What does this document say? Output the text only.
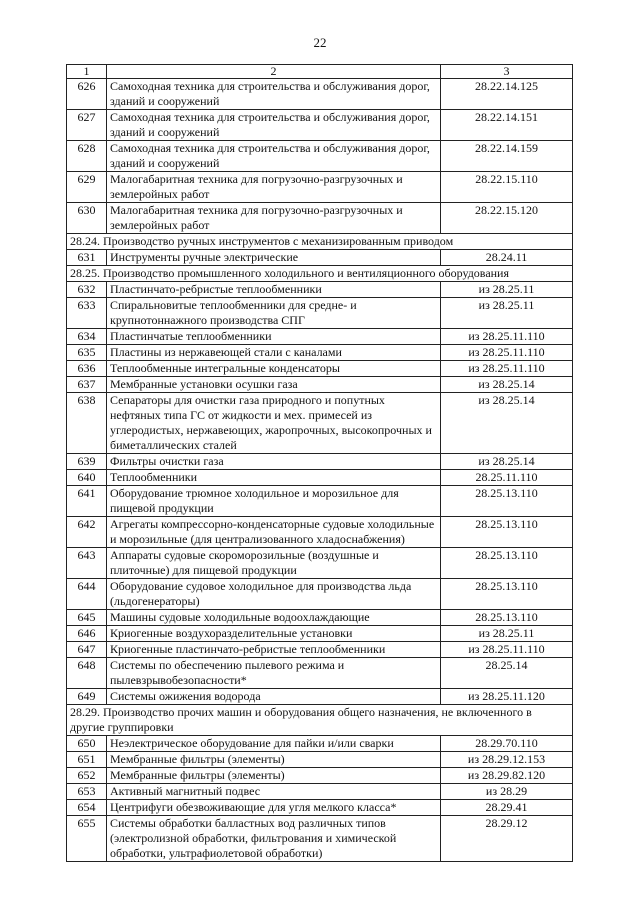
22
1	2	3
626	Самоходная техника для строительства и обслуживания дорог, зданий и сооружений	28.22.14.125
627	Самоходная техника для строительства и обслуживания дорог, зданий и сооружений	28.22.14.151
628	Самоходная техника для строительства и обслуживания дорог, зданий и сооружений	28.22.14.159
629	Малогабаритная техника для погрузочно-разгрузочных и землеройных работ	28.22.15.110
630	Малогабаритная техника для погрузочно-разгрузочных и землеройных работ	28.22.15.120
28.24. Производство ручных инструментов с механизированным приводом		
631	Инструменты ручные электрические	28.24.11
28.25. Производство промышленного холодильного и вентиляционного оборудования		
632	Пластинчато-ребристые теплообменники	из 28.25.11
633	Спиральновитые теплообменники для средне- и крупнотоннажного производства СПГ	из 28.25.11
634	Пластинчатые теплообменники	из 28.25.11.110
635	Пластины из нержавеющей стали с каналами	из 28.25.11.110
636	Теплообменные интегральные конденсаторы	из 28.25.11.110
637	Мембранные установки осушки газа	из 28.25.14
638	Сепараторы для очистки газа природного и попутных нефтяных типа ГС от жидкости и мех. примесей из углеродистых, нержавеющих, жаропрочных, высокопрочных и биметаллических сталей	из 28.25.14
639	Фильтры очистки газа	из 28.25.14
640	Теплообменники	28.25.11.110
641	Оборудование трюмное холодильное и морозильное для пищевой продукции	28.25.13.110
642	Агрегаты компрессорно-конденсаторные судовые холодильные и морозильные (для централизованного хладоснабжения)	28.25.13.110
643	Аппараты судовые скороморозильные (воздушные и плиточные) для пищевой продукции	28.25.13.110
644	Оборудование судовое холодильное для производства льда (льдогенераторы)	28.25.13.110
645	Машины судовые холодильные водоохлаждающие	28.25.13.110
646	Криогенные воздухоразделительные установки	из 28.25.11
647	Криогенные пластинчато-ребристые теплообменники	из 28.25.11.110
648	Системы по обеспечению пылевого режима и пылевзрывобезопасности*	28.25.14
649	Системы ожижения водорода	из 28.25.11.120
28.29. Производство прочих машин и оборудования общего назначения, не включенного в другие группировки		
650	Неэлектрическое оборудование для пайки и/или сварки	28.29.70.110
651	Мембранные фильтры (элементы)	из 28.29.12.153
652	Мембранные фильтры (элементы)	из 28.29.82.120
653	Активный магнитный подвес	из 28.29
654	Центрифуги обезвоживающие для угля мелкого класса*	28.29.41
655	Системы обработки балластных вод различных типов (электролизной обработки, фильтрования и химической обработки, ультрафиолетовой обработки)	28.29.12
